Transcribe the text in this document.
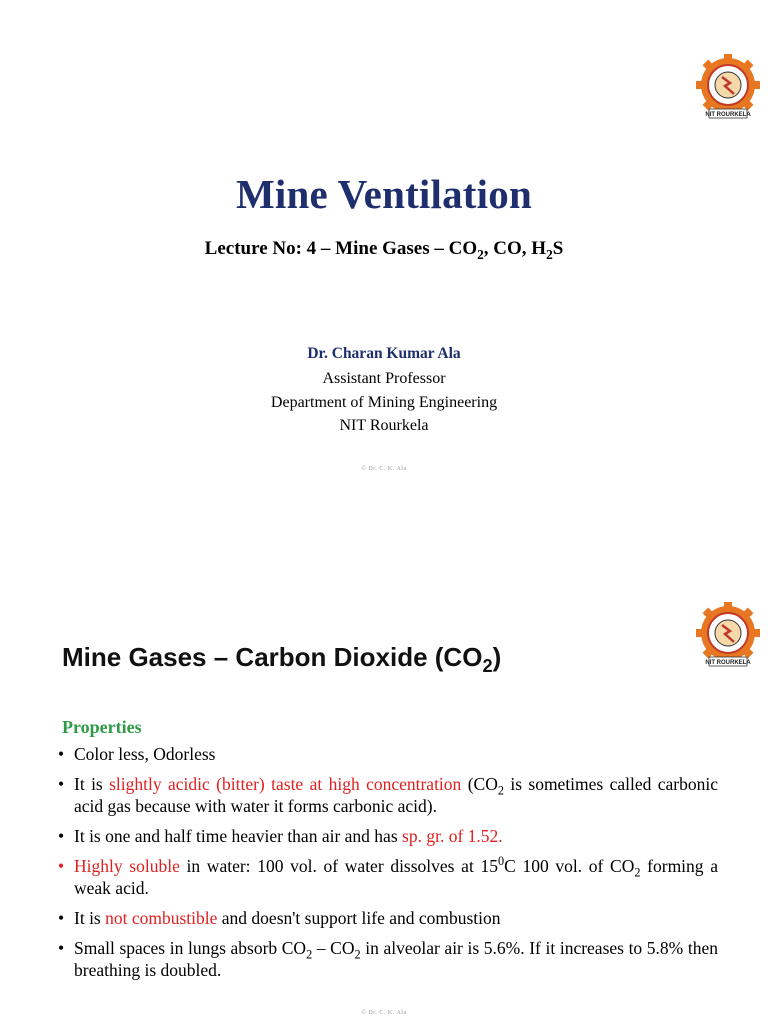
NIT ROURKELA
Mine Ventilation
Lecture No: 4 – Mine Gases – $CO_2$, CO, $H_2S$
Dr. Charan Kumar Ala
Assistant Professor
Department of Mining Engineering
NIT Rourkela
© Dr. C. K. Ala
NIT ROURKELA
Mine Gases – Carbon Dioxide $(CO_2)$
Properties
• Color less, Odorless
• It is slightly acidic (bitter) taste at high concentration ($CO_2$ is sometimes called carbonic acid gas because with water it forms carbonic acid).
• It is one and half time heavier than air and has sp. gr. of 1.52.
• Highly soluble in water: 100 vol. of water dissolves at $15^0C$ 100 vol. of $CO_2$ forming a weak acid.
• It is not combustible and doesn't support life and combustion
• Small spaces in lungs absorb $CO_2 - CO_2$ in alveolar air is 5.6%. If it increases to 5.8% then breathing is doubled.
© Dr. C. K. Ala
